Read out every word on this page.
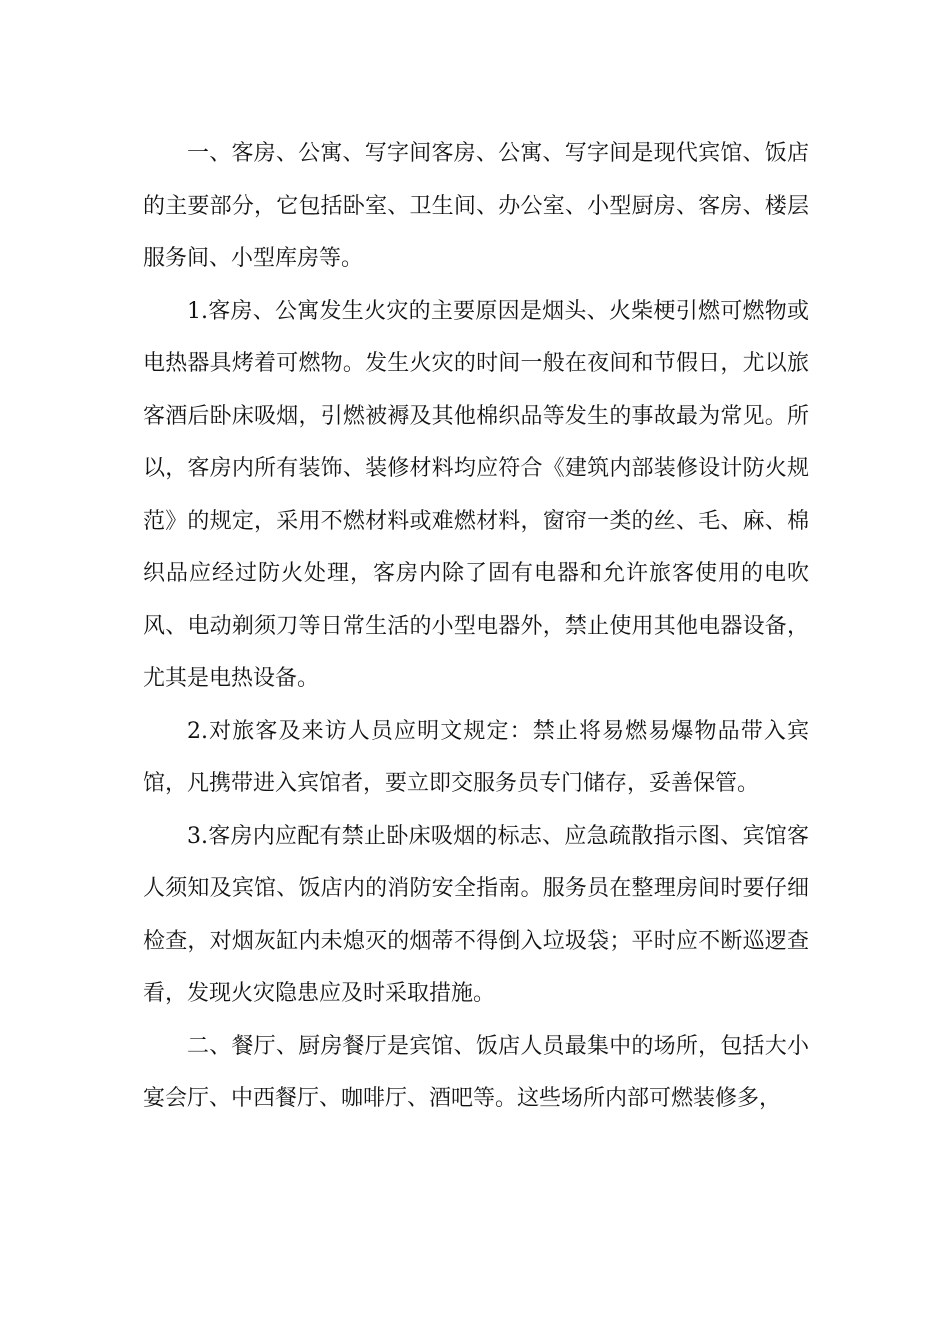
一、客房、公寓、写字间客房、公寓、写字间是现代宾馆、饭店的主要部分，它包括卧室、卫生间、办公室、小型厨房、客房、楼层服务间、小型库房等。

1.客房、公寓发生火灾的主要原因是烟头、火柴梗引燃可燃物或电热器具烤着可燃物。发生火灾的时间一般在夜间和节假日，尤以旅客酒后卧床吸烟，引燃被褥及其他棉织品等发生的事故最为常见。所以，客房内所有装饰、装修材料均应符合《建筑内部装修设计防火规范》的规定，采用不燃材料或难燃材料，窗帘一类的丝、毛、麻、棉织品应经过防火处理，客房内除了固有电器和允许旅客使用的电吹风、电动剃须刀等日常生活的小型电器外，禁止使用其他电器设备，尤其是电热设备。

2.对旅客及来访人员应明文规定：禁止将易燃易爆物品带入宾馆，凡携带进入宾馆者，要立即交服务员专门储存，妥善保管。

3.客房内应配有禁止卧床吸烟的标志、应急疏散指示图、宾馆客人须知及宾馆、饭店内的消防安全指南。服务员在整理房间时要仔细检查，对烟灰缸内未熄灭的烟蒂不得倒入垃圾袋；平时应不断巡逻查看，发现火灾隐患应及时采取措施。

二、餐厅、厨房餐厅是宾馆、饭店人员最集中的场所，包括大小宴会厅、中西餐厅、咖啡厅、酒吧等。这些场所内部可燃装修多，
